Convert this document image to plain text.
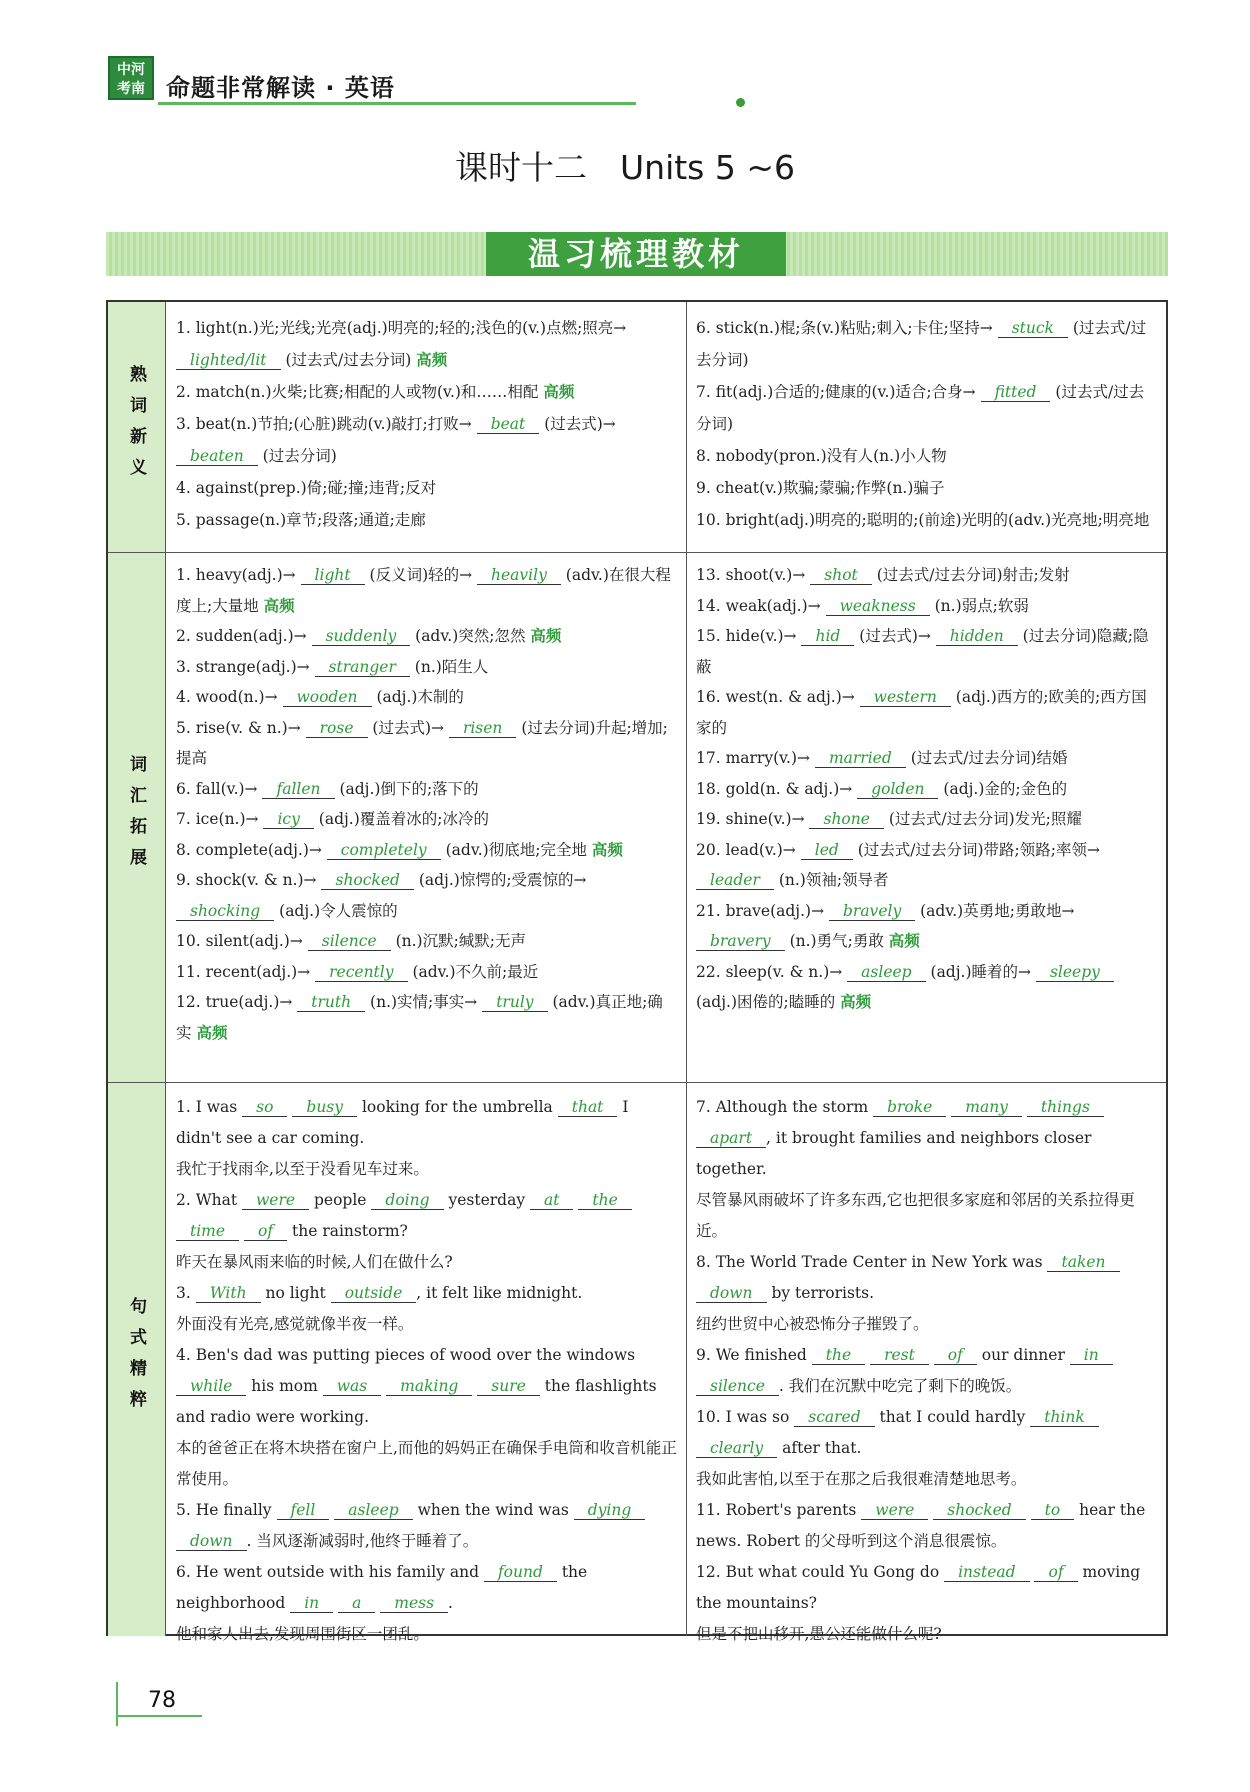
中河
考南 命题非常解读 · 英语
课时十二　Units 5 ~6
温习梳理教材
熟词新义
词汇拓展
句式精粹

1. light(n.)光;光线;光亮(adj.)明亮的;轻的;浅色的(v.)点燃;照亮→ lighted/lit (过去式/过去分词) 高频

2. match(n.)火柴;比赛;相配的人或物(v.)和……相配 高频

3. beat(n.)节拍;(心脏)跳动(v.)敲打;打败→ beat (过去式)→ beaten (过去分词)

4. against(prep.)倚;碰;撞;违背;反对

5. passage(n.)章节;段落;通道;走廊

6. stick(n.)棍;条(v.)粘贴;刺入;卡住;坚持→ stuck (过去式/过去分词)

7. fit(adj.)合适的;健康的(v.)适合;合身→ fitted (过去式/过去分词)

8. nobody(pron.)没有人(n.)小人物

9. cheat(v.)欺骗;蒙骗;作弊(n.)骗子

10. bright(adj.)明亮的;聪明的;(前途)光明的(adv.)光亮地;明亮地

1. heavy(adj.)→ light (反义词)轻的→ heavily (adv.)在很大程度上;大量地 高频

2. sudden(adj.)→ suddenly (adv.)突然;忽然 高频

3. strange(adj.)→ stranger (n.)陌生人

4. wood(n.)→ wooden (adj.)木制的

5. rise(v. & n.)→ rose (过去式)→ risen (过去分词)升起;增加;提高

6. fall(v.)→ fallen (adj.)倒下的;落下的

7. ice(n.)→ icy (adj.)覆盖着冰的;冰冷的

8. complete(adj.)→ completely (adv.)彻底地;完全地 高频

9. shock(v. & n.)→ shocked (adj.)惊愕的;受震惊的→ shocking (adj.)令人震惊的

10. silent(adj.)→ silence (n.)沉默;缄默;无声

11. recent(adj.)→ recently (adv.)不久前;最近

12. true(adj.)→ truth (n.)实情;事实→ truly (adv.)真正地;确实 高频

13. shoot(v.)→ shot (过去式/过去分词)射击;发射

14. weak(adj.)→ weakness (n.)弱点;软弱

15. hide(v.)→ hid (过去式)→ hidden (过去分词)隐藏;隐蔽

16. west(n. & adj.)→ western (adj.)西方的;欧美的;西方国家的

17. marry(v.)→ married (过去式/过去分词)结婚

18. gold(n. & adj.)→ golden (adj.)金的;金色的

19. shine(v.)→ shone (过去式/过去分词)发光;照耀

20. lead(v.)→ led (过去式/过去分词)带路;领路;率领→ leader (n.)领袖;领导者

21. brave(adj.)→ bravely (adv.)英勇地;勇敢地→ bravery (n.)勇气;勇敢 高频

22. sleep(v. & n.)→ asleep (adj.)睡着的→ sleepy (adj.)困倦的;瞌睡的 高频

1. I was so busy looking for the umbrella that I didn't see a car coming.

我忙于找雨伞,以至于没看见车过来。

2. What were people doing yesterday at the time of the rainstorm?

昨天在暴风雨来临的时候,人们在做什么?

3. With no light outside , it felt like midnight.

外面没有光亮,感觉就像半夜一样。

4. Ben's dad was putting pieces of wood over the windows while his mom was making sure the flashlights and radio were working.

本的爸爸正在将木块搭在窗户上,而他的妈妈正在确保手电筒和收音机能正常使用。

5. He finally fell asleep when the wind was dying down . 当风逐渐减弱时,他终于睡着了。

6. He went outside with his family and found the neighborhood in a mess .

他和家人出去,发现周围街区一团乱。

7. Although the storm broke many things apart , it brought families and neighbors closer together.

尽管暴风雨破坏了许多东西,它也把很多家庭和邻居的关系拉得更近。

8. The World Trade Center in New York was taken down by terrorists.

纽约世贸中心被恐怖分子摧毁了。

9. We finished the rest of our dinner in silence . 我们在沉默中吃完了剩下的晚饭。

10. I was so scared that I could hardly think clearly after that.

我如此害怕,以至于在那之后我很难清楚地思考。

11. Robert's parents were shocked to hear the news. Robert 的父母听到这个消息很震惊。

12. But what could Yu Gong do instead of moving the mountains?

但是不把山移开,愚公还能做什么呢?

78
